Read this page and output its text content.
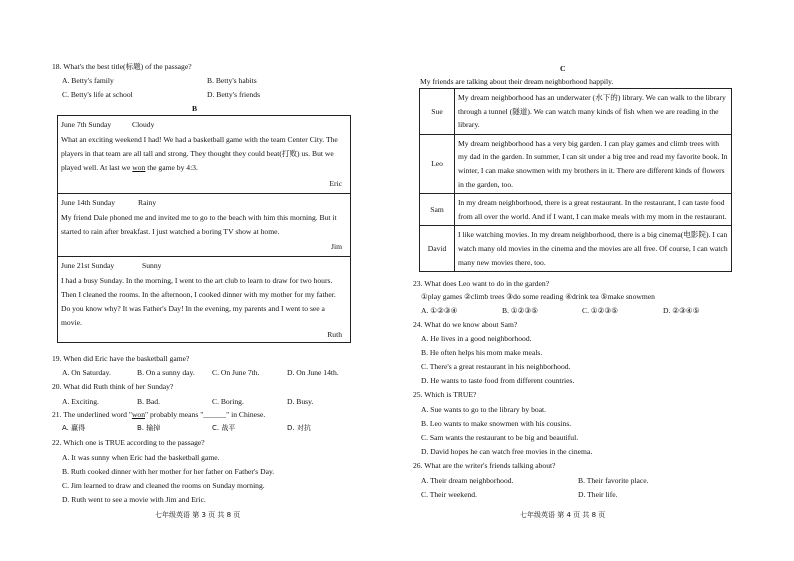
18. What's the best title(标题) of the passage?
A. Betty's family	B. Betty's habits
C. Betty's life at school	D. Betty's friends
B
June 7th Sunday	Cloudy
What an exciting weekend I had! We had a basketball game with the team Center City. The
players in that team are all tall and strong. They thought they could beat(打败) us. But we
played well. At last we won the game by 4:3.
Eric
June 14th Sunday	Rainy
My friend Dale phoned me and invited me to go to the beach with him this morning. But it
started to rain after breakfast. I just watched a boring TV show at home.
Jim
June 21st Sunday	Sunny
I had a busy Sunday. In the morning, I went to the art club to learn to draw for two hours.
Then I cleaned the rooms. In the afternoon, I cooked dinner with my mother for my father.
Do you know why? It was Father's Day! In the evening, my parents and I went to see a
movie.
Ruth
19. When did Eric have the basketball game?
A. On Saturday.	B. On a sunny day. C. On June 7th.	D. On June 14th.
20. What did Ruth think of her Sunday?
A. Exciting.	B. Bad.	C. Boring.	D. Busy.
21. The underlined word "won" probably means "______" in Chinese.
A. 赢得	B. 输掉	C. 战平	D. 对抗
22. Which one is TRUE according to the passage?
A. It was sunny when Eric had the basketball game.
B. Ruth cooked dinner with her mother for her father on Father's Day.
C. Jim learned to draw and cleaned the rooms on Sunday morning.
D. Ruth went to see a movie with Jim and Eric.
七年级英语 第 3 页 共 8 页
C
My friends are talking about their dream neighborhood happily.
Sue	My dream neighborhood has an underwater (水下的) library. We can walk to the library through a tunnel (隧道). We can watch many kinds of fish when we are reading in the library.
Leo	My dream neighborhood has a very big garden. I can play games and climb trees with my dad in the garden. In summer, I can sit under a big tree and read my favorite book. In winter, I can make snowmen with my brothers in it. There are different kinds of flowers in the garden, too.
Sam	In my dream neighborhood, there is a great restaurant. In the restaurant, I can taste food from all over the world. And if I want, I can make meals with my mom in the restaurant.
David	I like watching movies. In my dream neighborhood, there is a big cinema(电影院). I can watch many old movies in the cinema and the movies are all free. Of course, I can watch many new movies there, too.
23. What does Leo want to do in the garden?
①play games ②climb trees ③do some reading ④drink tea ⑤make snowmen
A. ①②③④	B. ①②③⑤	C. ①②③⑤	D. ②③④⑤
24. What do we know about Sam?
A. He lives in a good neighborhood.
B. He often helps his mom make meals.
C. There's a great restaurant in his neighborhood.
D. He wants to taste food from different countries.
25. Which is TRUE?
A. Sue wants to go to the library by boat.
B. Leo wants to make snowmen with his cousins.
C. Sam wants the restaurant to be big and beautiful.
D. David hopes he can watch free movies in the cinema.
26. What are the writer's friends talking about?
A. Their dream neighborhood.	B. Their favorite place.
C. Their weekend.	D. Their life.
七年级英语 第 4 页 共 8 页
